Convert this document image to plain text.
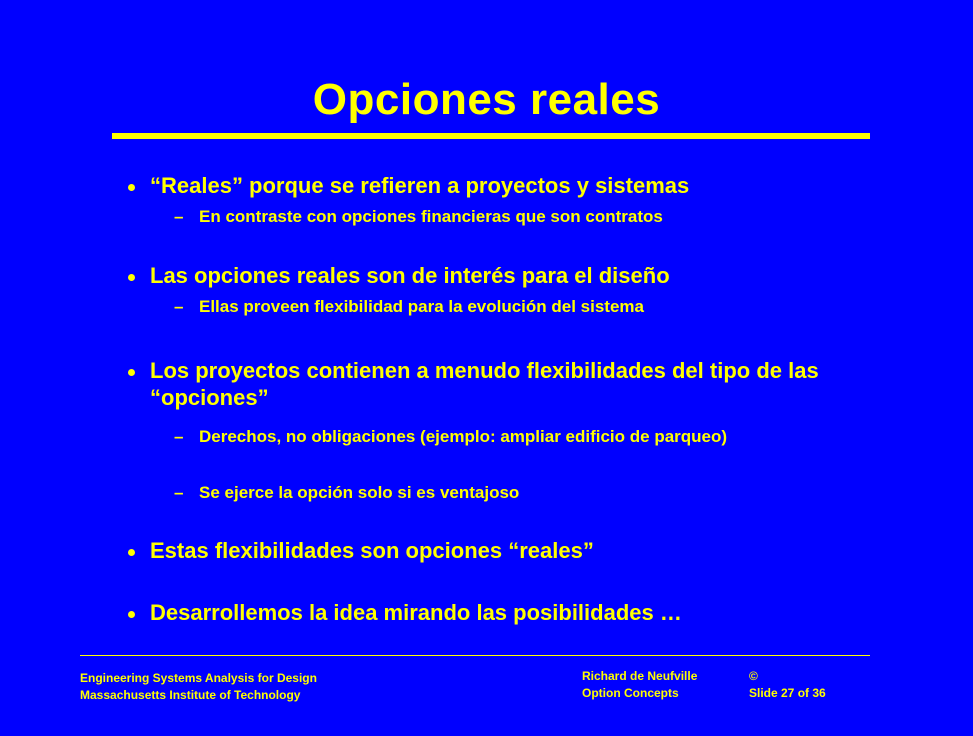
Opciones reales
“Reales” porque se refieren a proyectos y sistemas
– En contraste con opciones financieras que son contratos
Las opciones reales son de interés para el diseño
– Ellas proveen flexibilidad para la evolución del sistema
Los proyectos contienen a menudo flexibilidades del tipo de las “opciones”
– Derechos, no obligaciones (ejemplo: ampliar edificio de parqueo)
– Se ejerce la opción solo si es ventajoso
Estas flexibilidades son opciones “reales”
Desarrollemos la idea mirando las posibilidades …
Engineering Systems Analysis for Design
Massachusetts Institute of Technology
Richard de Neufville	©
Option Concepts	Slide 27 of 36
